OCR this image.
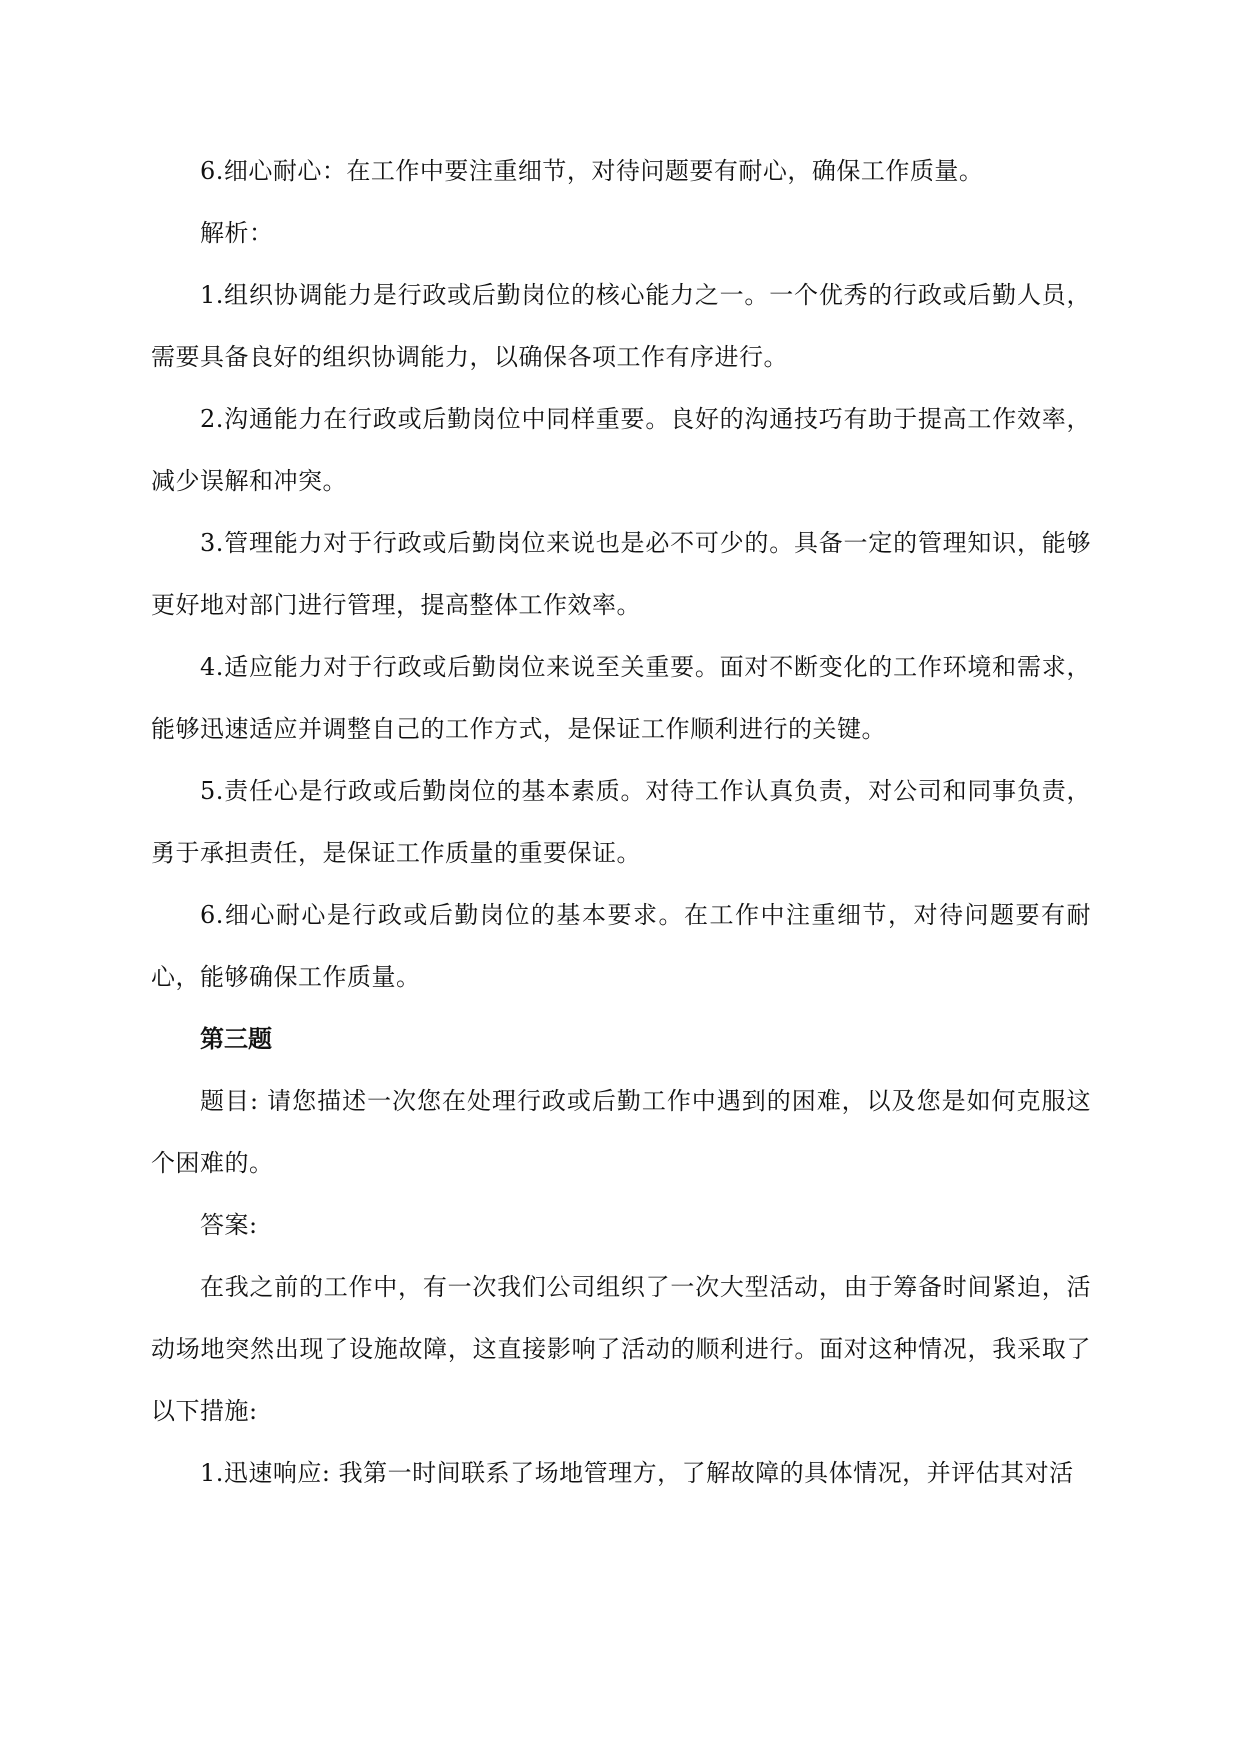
6.细心耐心：在工作中要注重细节，对待问题要有耐心，确保工作质量。

解析：

1.组织协调能力是行政或后勤岗位的核心能力之一。一个优秀的行政或后勤人员，需要具备良好的组织协调能力，以确保各项工作有序进行。

2.沟通能力在行政或后勤岗位中同样重要。良好的沟通技巧有助于提高工作效率，减少误解和冲突。

3.管理能力对于行政或后勤岗位来说也是必不可少的。具备一定的管理知识，能够更好地对部门进行管理，提高整体工作效率。

4.适应能力对于行政或后勤岗位来说至关重要。面对不断变化的工作环境和需求，能够迅速适应并调整自己的工作方式，是保证工作顺利进行的关键。

5.责任心是行政或后勤岗位的基本素质。对待工作认真负责，对公司和同事负责，勇于承担责任，是保证工作质量的重要保证。

6.细心耐心是行政或后勤岗位的基本要求。在工作中注重细节，对待问题要有耐心，能够确保工作质量。

第三题

题目: 请您描述一次您在处理行政或后勤工作中遇到的困难，以及您是如何克服这个困难的。

答案:

在我之前的工作中，有一次我们公司组织了一次大型活动，由于筹备时间紧迫，活动场地突然出现了设施故障，这直接影响了活动的顺利进行。面对这种情况，我采取了以下措施:

1.迅速响应: 我第一时间联系了场地管理方，了解故障的具体情况，并评估其对活
